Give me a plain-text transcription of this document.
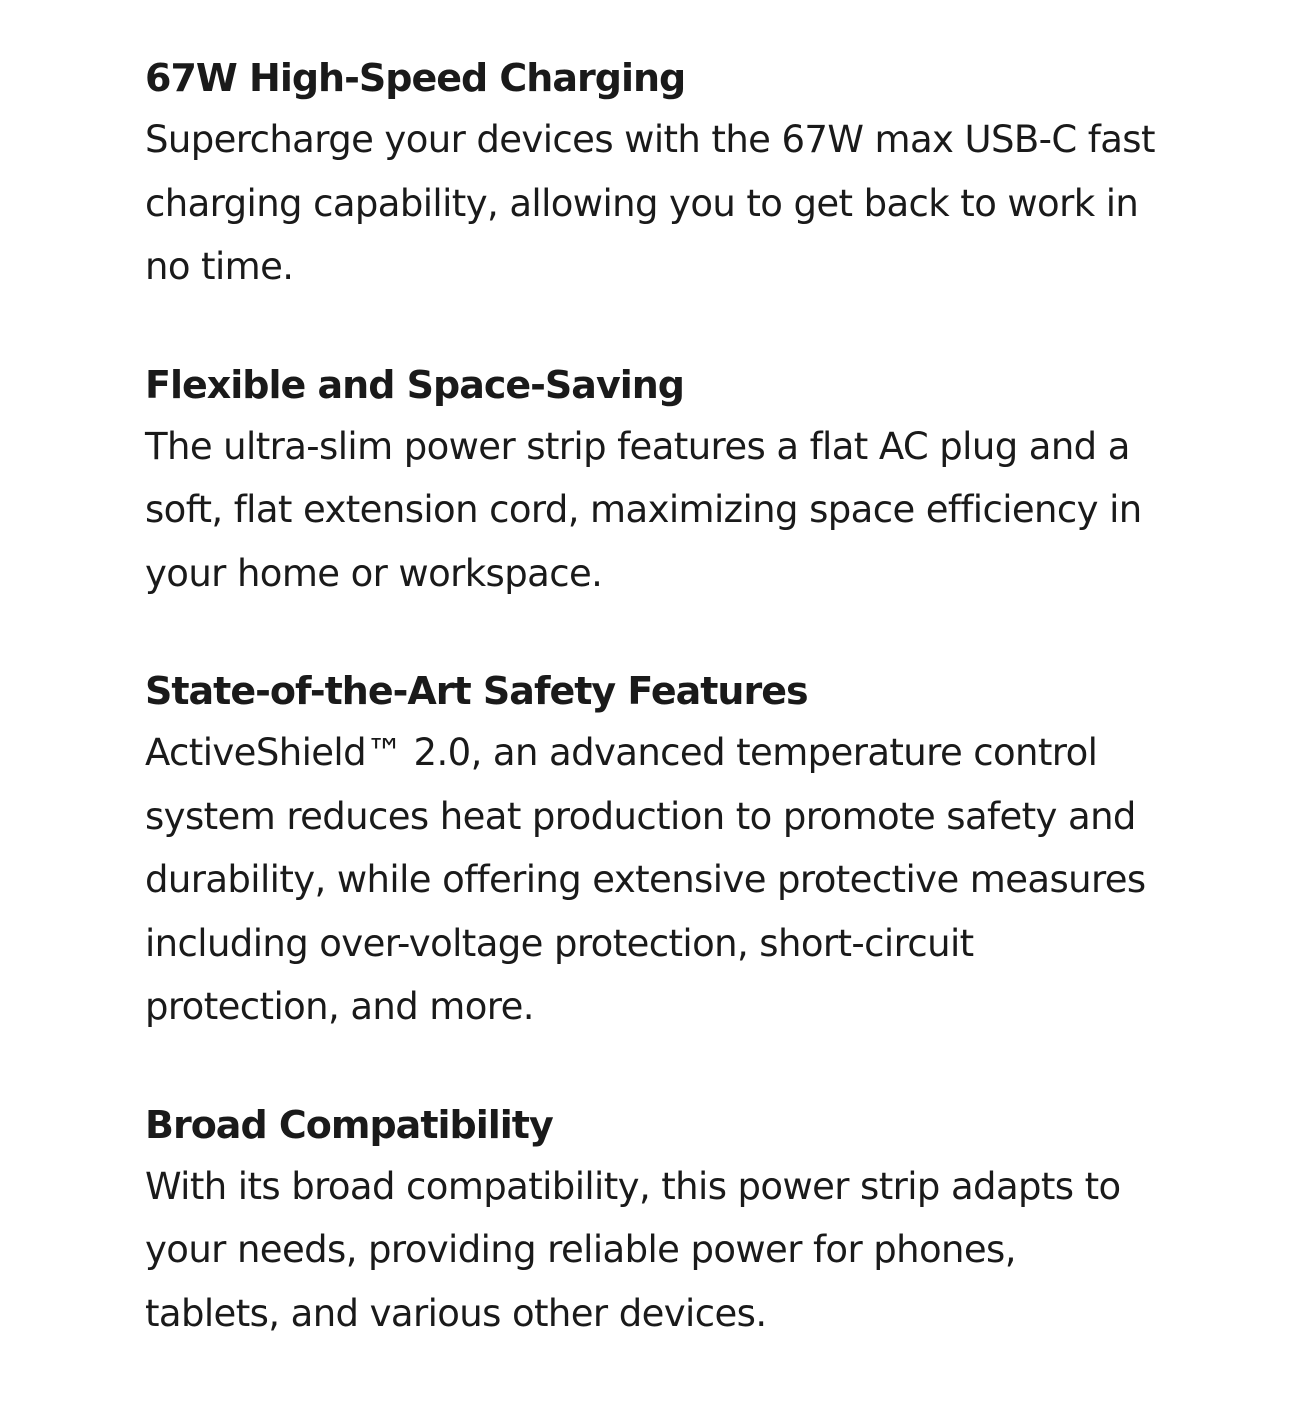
67W High-Speed Charging

Supercharge your devices with the 67W max USB-C fast charging capability, allowing you to get back to work in no time.

Flexible and Space-Saving

The ultra-slim power strip features a flat AC plug and a soft, flat extension cord, maximizing space efficiency in your home or workspace.

State-of-the-Art Safety Features

ActiveShield™ 2.0, an advanced temperature control system reduces heat production to promote safety and durability, while offering extensive protective measures including over-voltage protection, short-circuit protection, and more.

Broad Compatibility

With its broad compatibility, this power strip adapts to your needs, providing reliable power for phones, tablets, and various other devices.
